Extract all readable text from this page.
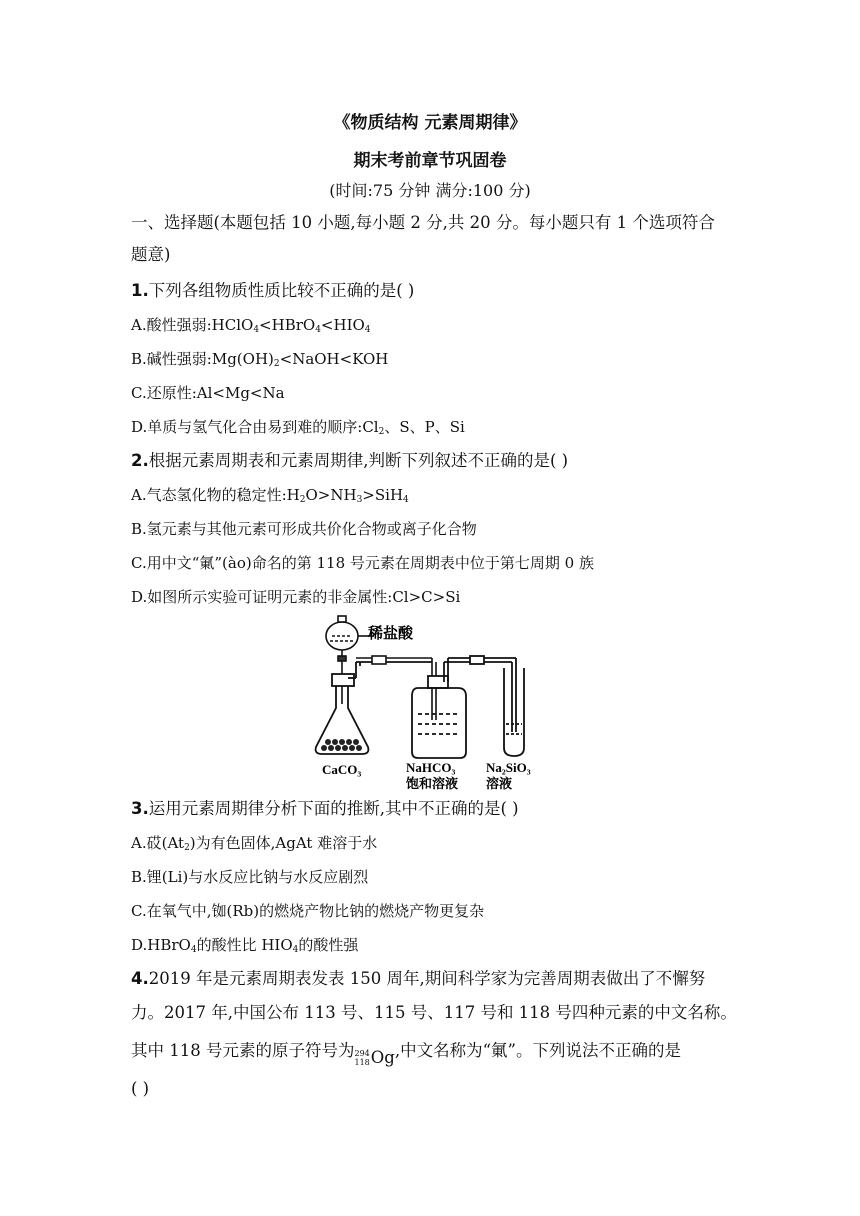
《物质结构 元素周期律》
期末考前章节巩固卷
(时间:75 分钟 满分:100 分)
一、选择题(本题包括 10 小题,每小题 2 分,共 20 分。每小题只有 1 个选项符合
题意)
1.下列各组物质性质比较不正确的是( )
A.酸性强弱$:HClO_4<HBrO_4<HIO_4$
B.碱性强弱$:Mg(OH)_2<NaOH<KOH$
C.还原性:Al<Mg<Na
D.单质与氢气化合由易到难的顺序$:Cl_2$、S、P、Si
2.根据元素周期表和元素周期律,判断下列叙述不正确的是( )
A.气态氢化物的稳定性$:H_2O>NH_3>SiH_4$
B.氢元素与其他元素可形成共价化合物或离子化合物
C.用中文“氭”(ào)命名的第 118 号元素在周期表中位于第七周期 0 族
D.如图所示实验可证明元素的非金属性:Cl>C>Si
稀盐酸
CaCO₃	NaHCO₃
饱和溶液
Na₂SiO₃
溶液
3.运用元素周期律分析下面的推断,其中不正确的是( )
A.砹$(At_2)$为有色固体,AgAt 难溶于水
B.锂(Li)与水反应比钠与水反应剧烈
C.在氧气中,铷(Rb)的燃烧产物比钠的燃烧产物更复杂
D.HBrO$_4$的酸性比 $HIO_4$的酸性强
4.2019 年是元素周期表发表 150 周年,期间科学家为完善周期表做出了不懈努
力。2017 年,中国公布 113 号、115 号、117 号和 118 号四种元素的中文名称。
其中 118 号元素的原子符号为 294
118 Og ,中文名称为“氭”。下列说法不正确的是
( )
